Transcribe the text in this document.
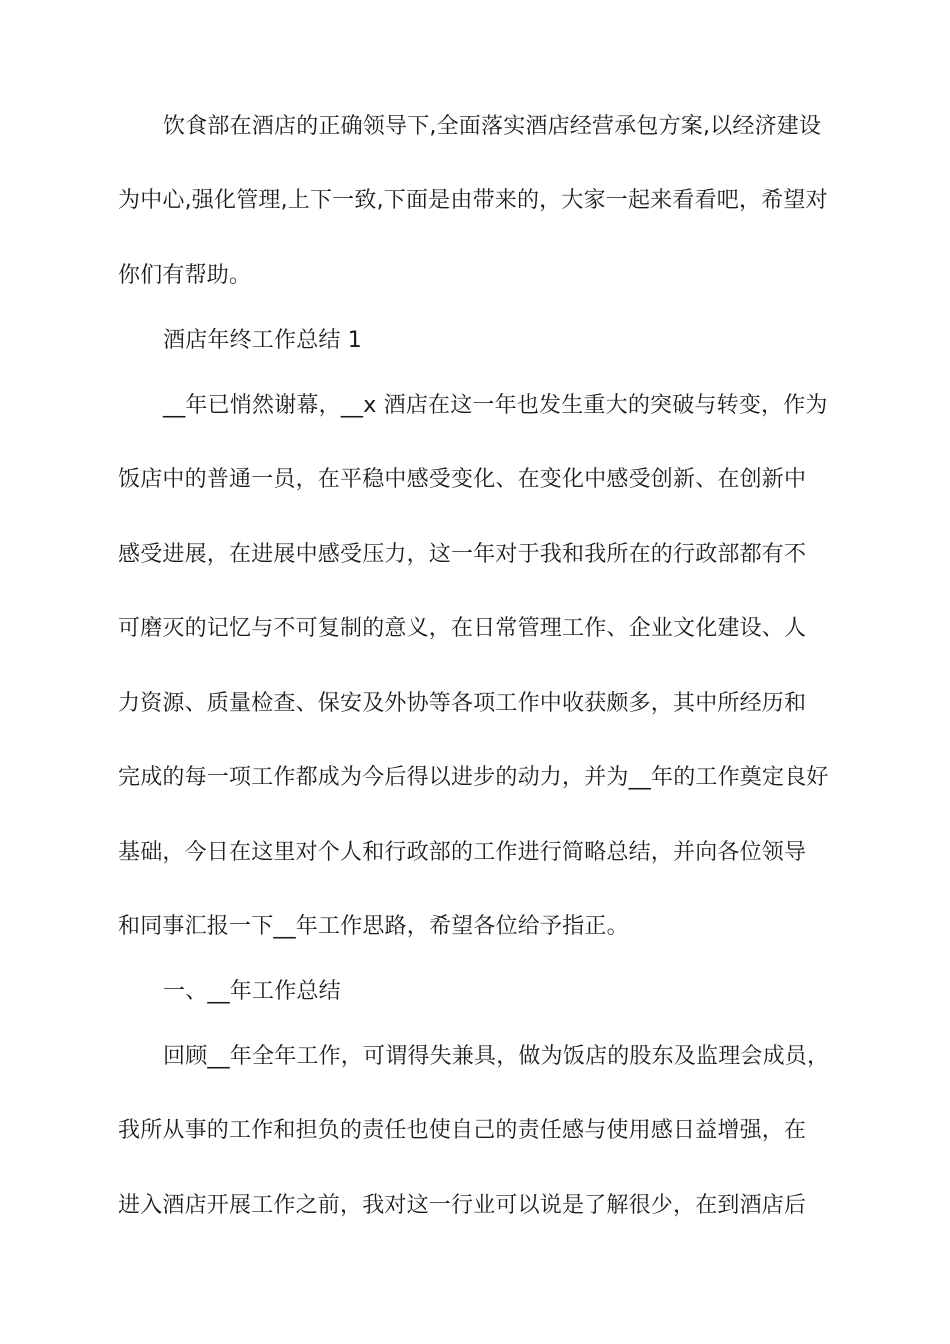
饮食部在酒店的正确领导下,全面落实酒店经营承包方案,以经济建设
为中心,强化管理,上下一致,下面是由带来的，大家一起来看看吧，希望对
你们有帮助。
酒店年终工作总结 1
__年已悄然谢幕，__x 酒店在这一年也发生重大的突破与转变，作为
饭店中的普通一员，在平稳中感受变化、在变化中感受创新、在创新中
感受进展，在进展中感受压力，这一年对于我和我所在的行政部都有不
可磨灭的记忆与不可复制的意义，在日常管理工作、企业文化建设、人
力资源、质量检查、保安及外协等各项工作中收获颇多，其中所经历和
完成的每一项工作都成为今后得以进步的动力，并为__年的工作奠定良好
基础，今日在这里对个人和行政部的工作进行简略总结，并向各位领导
和同事汇报一下__年工作思路，希望各位给予指正。
一、__年工作总结
回顾__年全年工作，可谓得失兼具，做为饭店的股东及监理会成员，
我所从事的工作和担负的责任也使自己的责任感与使用感日益增强，在
进入酒店开展工作之前，我对这一行业可以说是了解很少，在到酒店后
